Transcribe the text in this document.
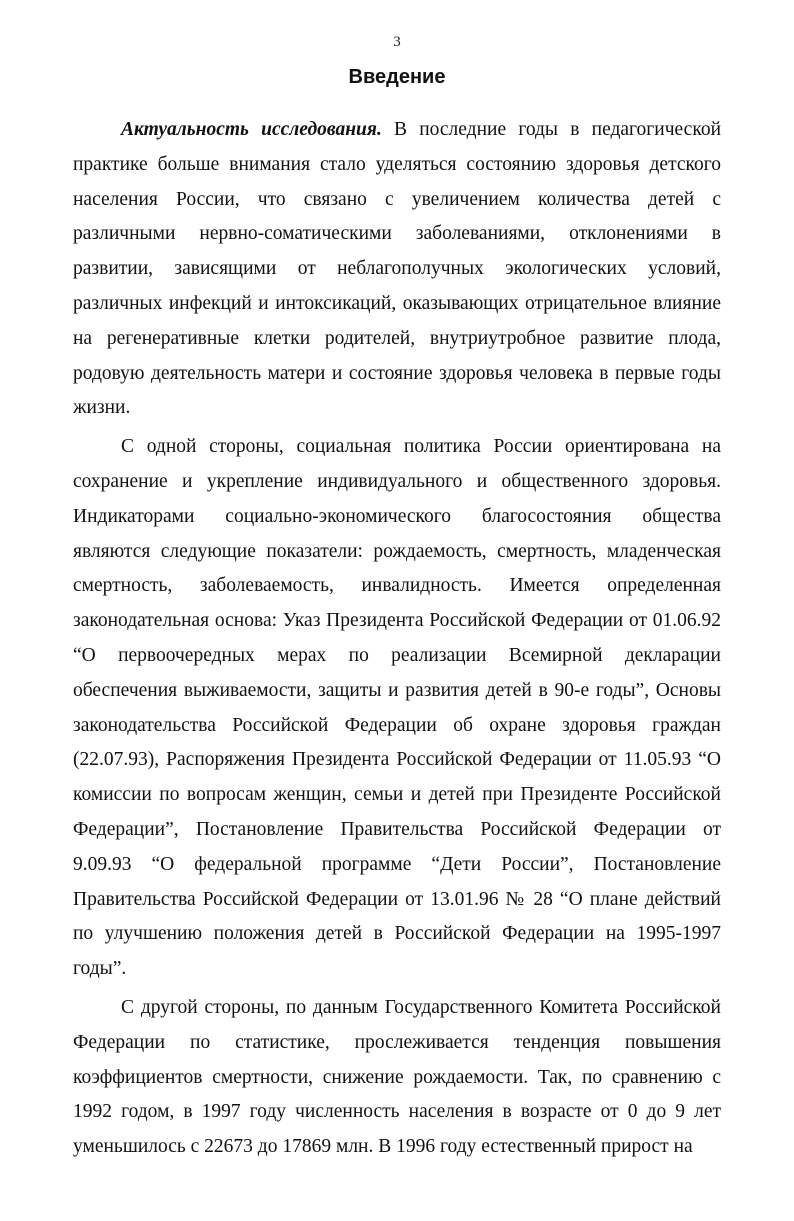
3
Введение

Актуальность исследования. В последние годы в педагогической практике больше внимания стало уделяться состоянию здоровья детского населения России, что связано с увеличением количества детей с различными нервно-соматическими заболеваниями, отклонениями в развитии, зависящими от неблагополучных экологических условий, различных инфекций и интоксикаций, оказывающих отрицательное влияние на регенеративные клетки родителей, внутриутробное развитие плода, родовую деятельность матери и состояние здоровья человека в первые годы жизни.

С одной стороны, социальная политика России ориентирована на сохранение и укрепление индивидуального и общественного здоровья. Индикаторами социально-экономического благосостояния общества являются следующие показатели: рождаемость, смертность, младенческая смертность, заболеваемость, инвалидность. Имеется определенная законодательная основа: Указ Президента Российской Федерации от 01.06.92 “О первоочередных мерах по реализации Всемирной декларации обеспечения выживаемости, защиты и развития детей в 90-е годы”, Основы законодательства Российской Федерации об охране здоровья граждан (22.07.93), Распоряжения Президента Российской Федерации от 11.05.93 “О комиссии по вопросам женщин, семьи и детей при Президенте Российской Федерации”, Постановление Правительства Российской Федерации от 9.09.93 “О федеральной программе “Дети России”, Постановление Правительства Российской Федерации от 13.01.96 № 28 “О плане действий по улучшению положения детей в Российской Федерации на 1995-1997 годы”.

С другой стороны, по данным Государственного Комитета Российской Федерации по статистике, прослеживается тенденция повышения коэффициентов смертности, снижение рождаемости. Так, по сравнению с 1992 годом, в 1997 году численность населения в возрасте от 0 до 9 лет уменьшилось с 22673 до 17869 млн. В 1996 году естественный прирост на
